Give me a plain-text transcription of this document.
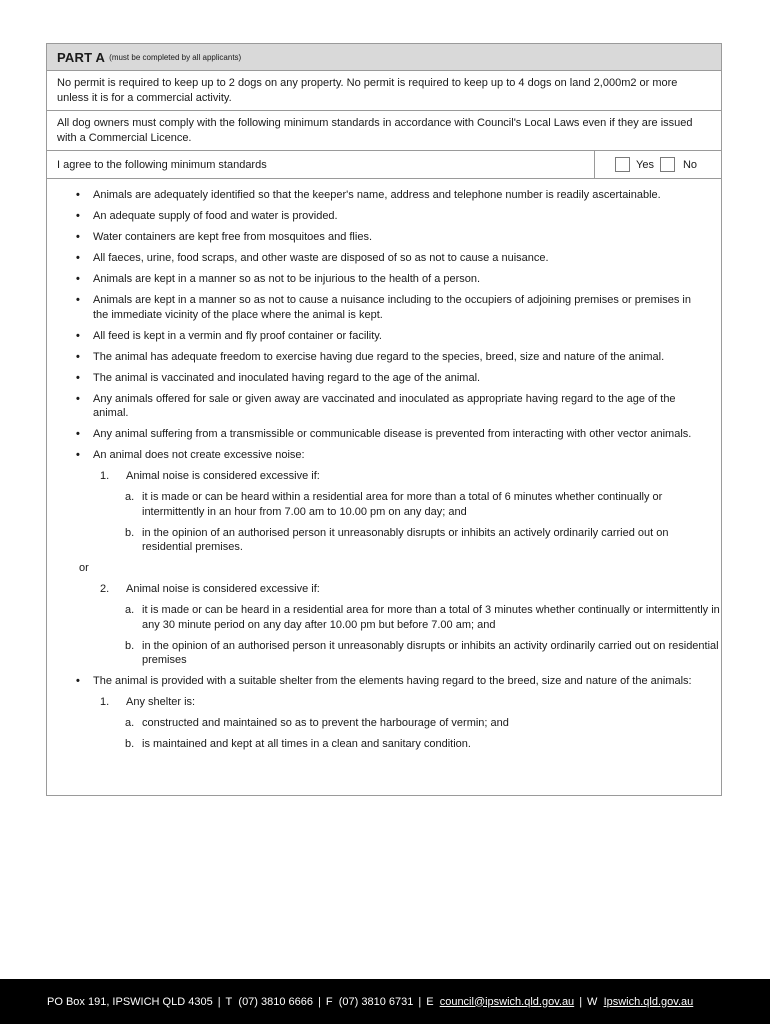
PART A (must be completed by all applicants)
No permit is required to keep up to 2 dogs on any property. No permit is required to keep up to 4 dogs on land 2,000m2 or more unless it is for a commercial activity.
All dog owners must comply with the following minimum standards in accordance with Council's Local Laws even if they are issued with a Commercial Licence.
I agree to the following minimum standards	Yes	No
• Animals are adequately identified so that the keeper's name, address and telephone number is readily ascertainable.
• An adequate supply of food and water is provided.
• Water containers are kept free from mosquitoes and flies.
• All faeces, urine, food scraps, and other waste are disposed of so as not to cause a nuisance.
• Animals are kept in a manner so as not to be injurious to the health of a person.
• Animals are kept in a manner so as not to cause a nuisance including to the occupiers of adjoining premises or premises in the immediate vicinity of the place where the animal is kept.
• All feed is kept in a vermin and fly proof container or facility.
• The animal has adequate freedom to exercise having due regard to the species, breed, size and nature of the animal.
• The animal is vaccinated and inoculated having regard to the age of the animal.
• Any animals offered for sale or given away are vaccinated and inoculated as appropriate having regard to the age of the animal.
• Any animal suffering from a transmissible or communicable disease is prevented from interacting with other vector animals.
• An animal does not create excessive noise:
1. Animal noise is considered excessive if:
a. it is made or can be heard within a residential area for more than a total of 6 minutes whether continually or intermittently in an hour from 7.00 am to 10.00 pm on any day; and
b. in the opinion of an authorised person it unreasonably disrupts or inhibits an actively ordinarily carried out on residential premises.
or
2. Animal noise is considered excessive if:
a. it is made or can be heard in a residential area for more than a total of 3 minutes whether continually or intermittently in any 30 minute period on any day after 10.00 pm but before 7.00 am; and
b. in the opinion of an authorised person it unreasonably disrupts or inhibits an activity ordinarily carried out on residential premises
• The animal is provided with a suitable shelter from the elements having regard to the breed, size and nature of the animals:
1. Any shelter is:
a. constructed and maintained so as to prevent the harbourage of vermin; and
b. is maintained and kept at all times in a clean and sanitary condition.
PO Box 191, IPSWICH QLD 4305 | T
(07) 3810 6666 | F
(07) 3810 6731 | E
council@ipswich.qld.gov.au | W
Ipswich.qld.gov.au
